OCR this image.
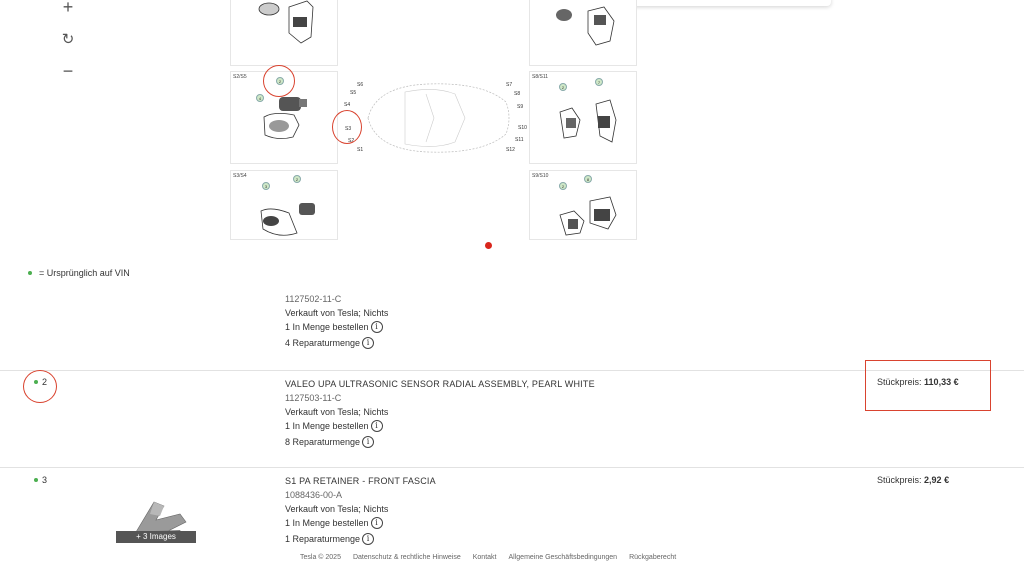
+
↻
−	S2/S5
2
4
S3/S4
3
2
S6
S5
S4
S3
S2
S1
S7
S8
S9
S10
S11
S12
S8/S11
2
7
S9/S10
2
8
= Ursprünglich auf VIN
1127502-11-C
Verkauft von Tesla; Nichts
1 In Menge bestellen i
4 Reparaturmenge i
2	VALEO UPA ULTRASONIC SENSOR RADIAL ASSEMBLY, PEARL WHITE
1127503-11-C
Verkauft von Tesla; Nichts
1 In Menge bestellen i
8 Reparaturmenge i
Stückpreis: 110,33 €
3
+ 3 Images
S1 PA RETAINER - FRONT FASCIA
1088436-00-A
Verkauft von Tesla; Nichts
1 In Menge bestellen i
1 Reparaturmenge i
Stückpreis: 2,92 €
Tesla © 2025 Datenschutz & rechtliche Hinweise Kontakt Allgemeine Geschäftsbedingungen Rückgaberecht
